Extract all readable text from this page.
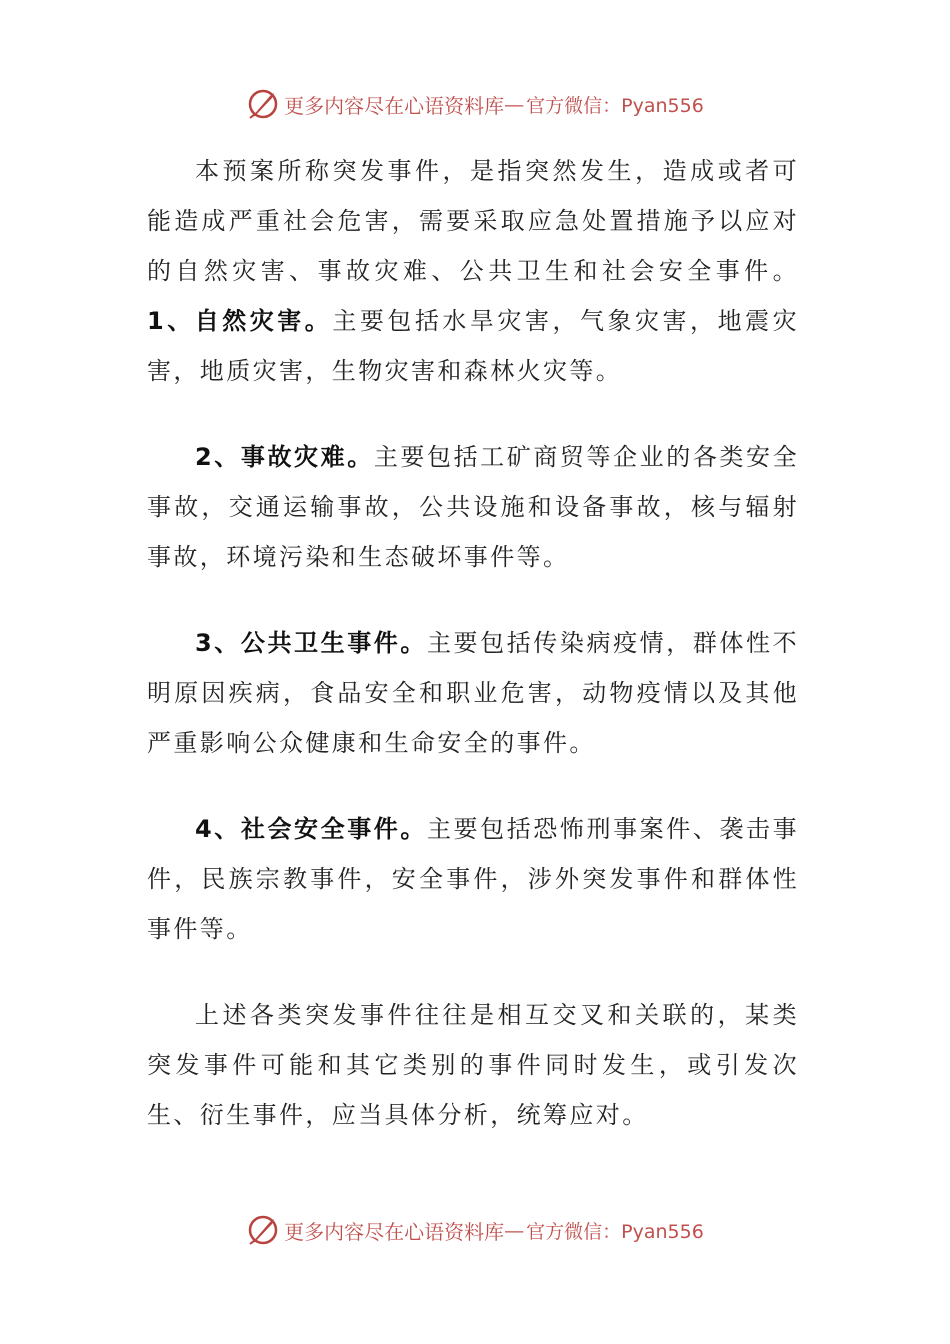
更多内容尽在心语资料库 — 官方微信：Pyan556

本预案所称突发事件，是指突然发生，造成或者可能造成严重社会危害，需要采取应急处置措施予以应对的自然灾害、事故灾难、公共卫生和社会安全事件。1、自然灾害。主要包括水旱灾害，气象灾害，地震灾害，地质灾害，生物灾害和森林火灾等。

2、事故灾难。主要包括工矿商贸等企业的各类安全事故，交通运输事故，公共设施和设备事故，核与辐射事故，环境污染和生态破坏事件等。

3、公共卫生事件。主要包括传染病疫情，群体性不明原因疾病，食品安全和职业危害，动物疫情以及其他严重影响公众健康和生命安全的事件。

4、社会安全事件。主要包括恐怖刑事案件、袭击事件，民族宗教事件，安全事件，涉外突发事件和群体性事件等。

上述各类突发事件往往是相互交叉和关联的，某类突发事件可能和其它类别的事件同时发生，或引发次生、衍生事件，应当具体分析，统筹应对。

更多内容尽在心语资料库 — 官方微信：Pyan556
